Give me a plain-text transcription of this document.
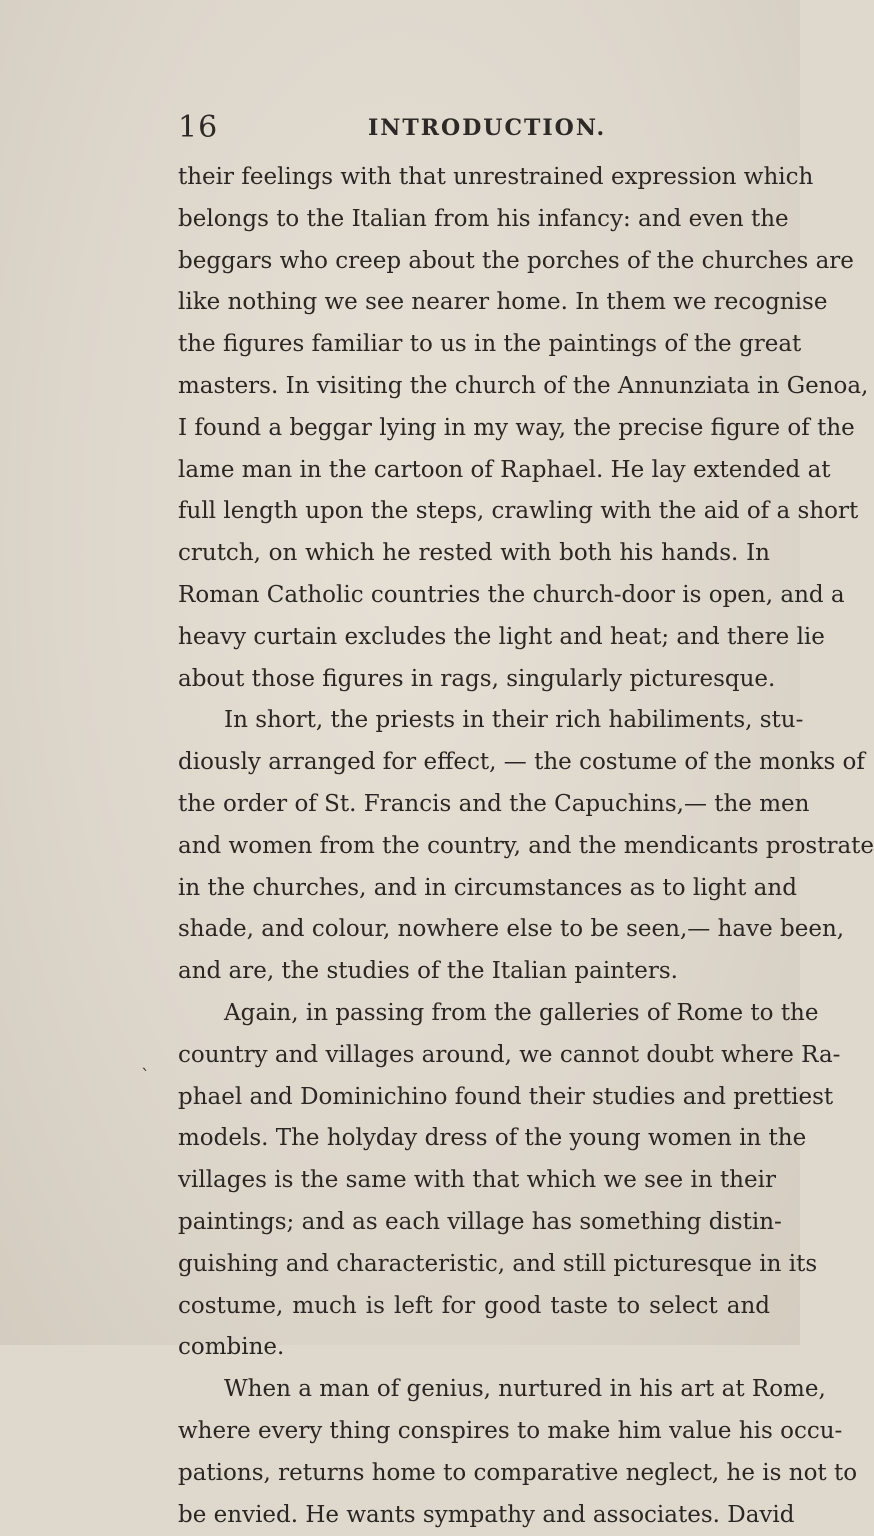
16	INTRODUCTION.
their feelings with that unrestrained expression which
belongs to the Italian from his infancy: and even the
beggars who creep about the porches of the churches are
like nothing we see nearer home. In them we recognise
the figures familiar to us in the paintings of the great
masters. In visiting the church of the Annunziata in Genoa,
I found a beggar lying in my way, the precise figure of the
lame man in the cartoon of Raphael. He lay extended at
full length upon the steps, crawling with the aid of a short
crutch, on which he rested with both his hands. In
Roman Catholic countries the church-door is open, and a
heavy curtain excludes the light and heat; and there lie
about those figures in rags, singularly picturesque.
In short, the priests in their rich habiliments, stu-
diously arranged for effect, — the costume of the monks of
the order of St. Francis and the Capuchins,— the men
and women from the country, and the mendicants prostrate
in the churches, and in circumstances as to light and
shade, and colour, nowhere else to be seen,— have been,
and are, the studies of the Italian painters.
Again, in passing from the galleries of Rome to the
country and villages around, we cannot doubt where Ra-
phael and Dominichino found their studies and prettiest
models. The holyday dress of the young women in the
villages is the same with that which we see in their
paintings; and as each village has something distin-
guishing and characteristic, and still picturesque in its
costume, much is left for good taste to select and
combine.
When a man of genius, nurtured in his art at Rome,
where every thing conspires to make him value his occu-
pations, returns home to comparative neglect, he is not to
be envied. He wants sympathy and associates. David
`
